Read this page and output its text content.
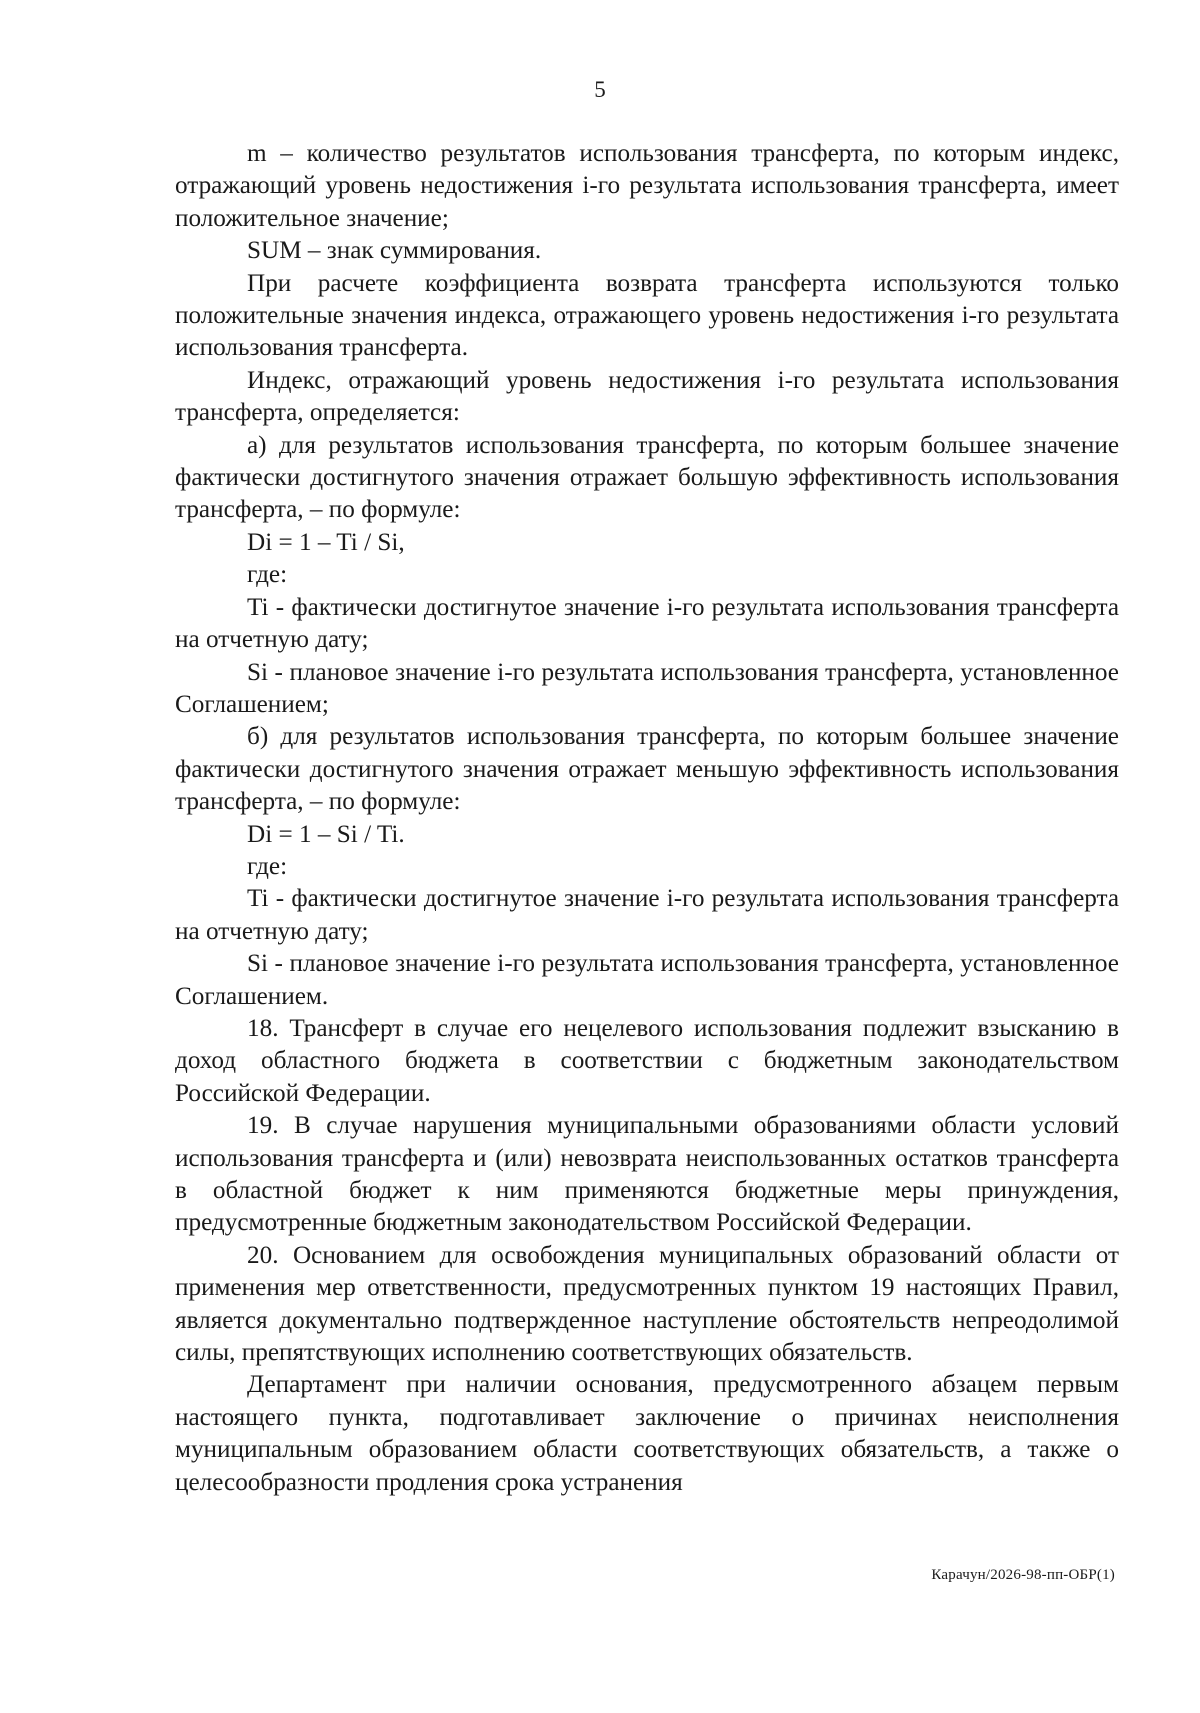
5

m – количество результатов использования трансферта, по которым индекс, отражающий уровень недостижения i-го результата использования трансферта, имеет положительное значение;

SUM – знак суммирования.

При расчете коэффициента возврата трансферта используются только положительные значения индекса, отражающего уровень недостижения i-го результата использования трансферта.

Индекс, отражающий уровень недостижения i-го результата использования трансферта, определяется:

а) для результатов использования трансферта, по которым большее значение фактически достигнутого значения отражает большую эффективность использования трансферта, – по формуле:

Di = 1 – Ti / Si,

где:

Ti - фактически достигнутое значение i-го результата использования трансферта на отчетную дату;

Si - плановое значение i-го результата использования трансферта, установленное Соглашением;

б) для результатов использования трансферта, по которым большее значение фактически достигнутого значения отражает меньшую эффективность использования трансферта, – по формуле:

Di = 1 – Si / Ti.

где:

Ti - фактически достигнутое значение i-го результата использования трансферта на отчетную дату;

Si - плановое значение i-го результата использования трансферта, установленное Соглашением.

18. Трансферт в случае его нецелевого использования подлежит взысканию в доход областного бюджета в соответствии с бюджетным законодательством Российской Федерации.

19. В случае нарушения муниципальными образованиями области условий использования трансферта и (или) невозврата неиспользованных остатков трансферта в областной бюджет к ним применяются бюджетные меры принуждения, предусмотренные бюджетным законодательством Российской Федерации.

20. Основанием для освобождения муниципальных образований области от применения мер ответственности, предусмотренных пунктом 19 настоящих Правил, является документально подтвержденное наступление обстоятельств непреодолимой силы, препятствующих исполнению соответствующих обязательств.

Департамент при наличии основания, предусмотренного абзацем первым настоящего пункта, подготавливает заключение о причинах неисполнения муниципальным образованием области соответствующих обязательств, а также о целесообразности продления срока устранения

Карачун/2026-98-пп-ОБР(1)
